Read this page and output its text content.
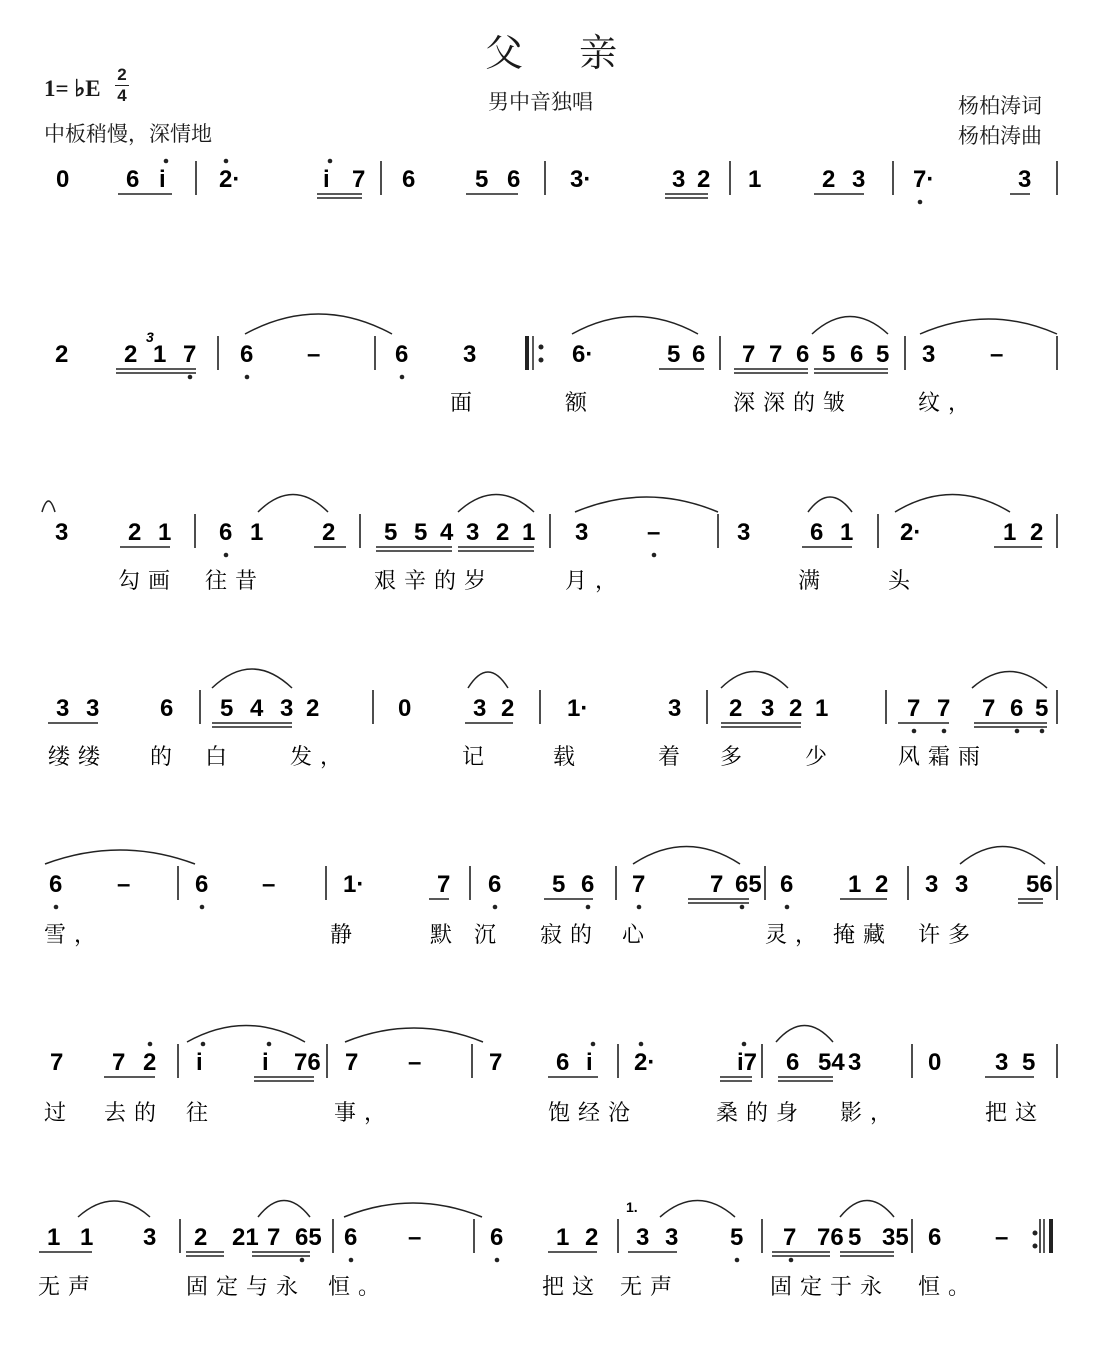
父 亲
1= ♭E
2
4
中板稍慢，深情地
男中音独唱	杨柏涛词
杨柏涛曲
0 6 i 2·	i 7 6 5 6 3·	3 2 1	2 3 7·	3
2 2 1 7 6 –	6 3	6·	5 6 7 7 6 5 6 5 3 –
3 2 1 6 1 2 5 5 4 3 2 1 3 –	3 6 1 2·	1 2
3 3	6 5 4 3 2	0	3 2 1·	3 2 3 2 1	7 7 7 6 5
6 –	6 –	1·	7 6 5 6 7	7 65 6 1 2 3 3 56
7 7 2 i i 76 7 –	7 6 i 2·	i7 6 54 3	0 3 5
1 1 3 2 21 7 65 6 –	6 1 2 3 3 5 7 76 5 35 6 –
1.
3
面	额	深深的皱	纹，
勾画 往昔	艰辛的岁	月，	满	头
缕缕 的 白 发，	记	载	着 多 少	风霜雨
雪，	静	默 沉 寂的 心	灵， 掩藏 许多
过 去的 往	事，	饱经 沧	桑的身 影，	把这
无声	固定与永 恒。	把这 无声	固定于永 恒。
